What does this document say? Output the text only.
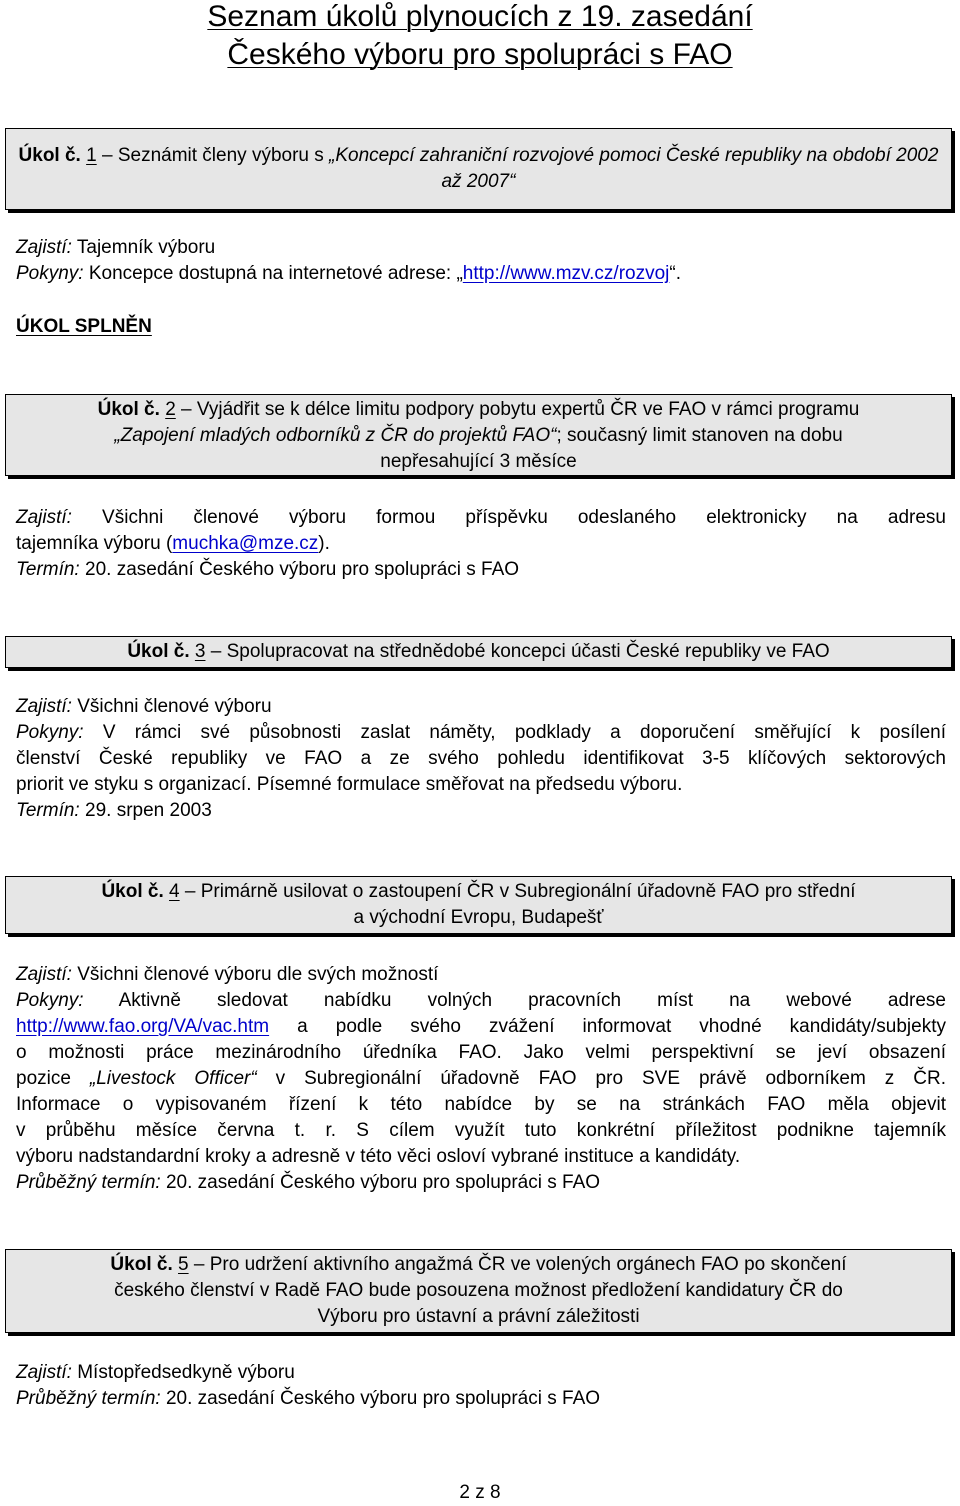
Seznam úkolů plynoucích z 19. zasedání
Českého výboru pro spolupráci s FAO
Úkol č. 1 – Seznámit členy výboru s „Koncepcí zahraniční rozvojové pomoci České republiky na období 2002 až 2007“
Zajistí: Tajemník výboru
Pokyny: Koncepce dostupná na internetové adrese: „http://www.mzv.cz/rozvoj“.
ÚKOL SPLNĚN
Úkol č. 2 – Vyjádřit se k délce limitu podpory pobytu expertů ČR ve FAO v rámci programu
„Zapojení mladých odborníků z ČR do projektů FAO“; současný limit stanoven na dobu
nepřesahující 3 měsíce
Zajistí: Všichni členové výboru formou příspěvku odeslaného elektronicky na adresu
tajemníka výboru (muchka@mze.cz).
Termín: 20. zasedání Českého výboru pro spolupráci s FAO
Úkol č. 3 – Spolupracovat na střednědobé koncepci účasti České republiky ve FAO
Zajistí: Všichni členové výboru
Pokyny: V rámci své působnosti zaslat náměty, podklady a doporučení směřující k posílení
členství České republiky ve FAO a ze svého pohledu identifikovat 3-5 klíčových sektorových
priorit ve styku s organizací. Písemné formulace směřovat na předsedu výboru.
Termín: 29. srpen 2003
Úkol č. 4 – Primárně usilovat o zastoupení ČR v Subregionální úřadovně FAO pro střední
a východní Evropu, Budapešť
Zajistí: Všichni členové výboru dle svých možností
Pokyny: Aktivně sledovat nabídku volných pracovních míst na webové adrese
http://www.fao.org/VA/vac.htm a podle svého zvážení informovat vhodné kandidáty/subjekty
o možnosti práce mezinárodního úředníka FAO. Jako velmi perspektivní se jeví obsazení
pozice „Livestock Officer“ v Subregionální úřadovně FAO pro SVE právě odborníkem z ČR.
Informace o vypisovaném řízení k této nabídce by se na stránkách FAO měla objevit
v průběhu měsíce června t. r. S cílem využít tuto konkrétní příležitost podnikne tajemník
výboru nadstandardní kroky a adresně v této věci osloví vybrané instituce a kandidáty.
Průběžný termín: 20. zasedání Českého výboru pro spolupráci s FAO
Úkol č. 5 – Pro udržení aktivního angažmá ČR ve volených orgánech FAO po skončení
českého členství v Radě FAO bude posouzena možnost předložení kandidatury ČR do
Výboru pro ústavní a právní záležitosti
Zajistí: Místopředsedkyně výboru
Průběžný termín: 20. zasedání Českého výboru pro spolupráci s FAO
2 z 8
